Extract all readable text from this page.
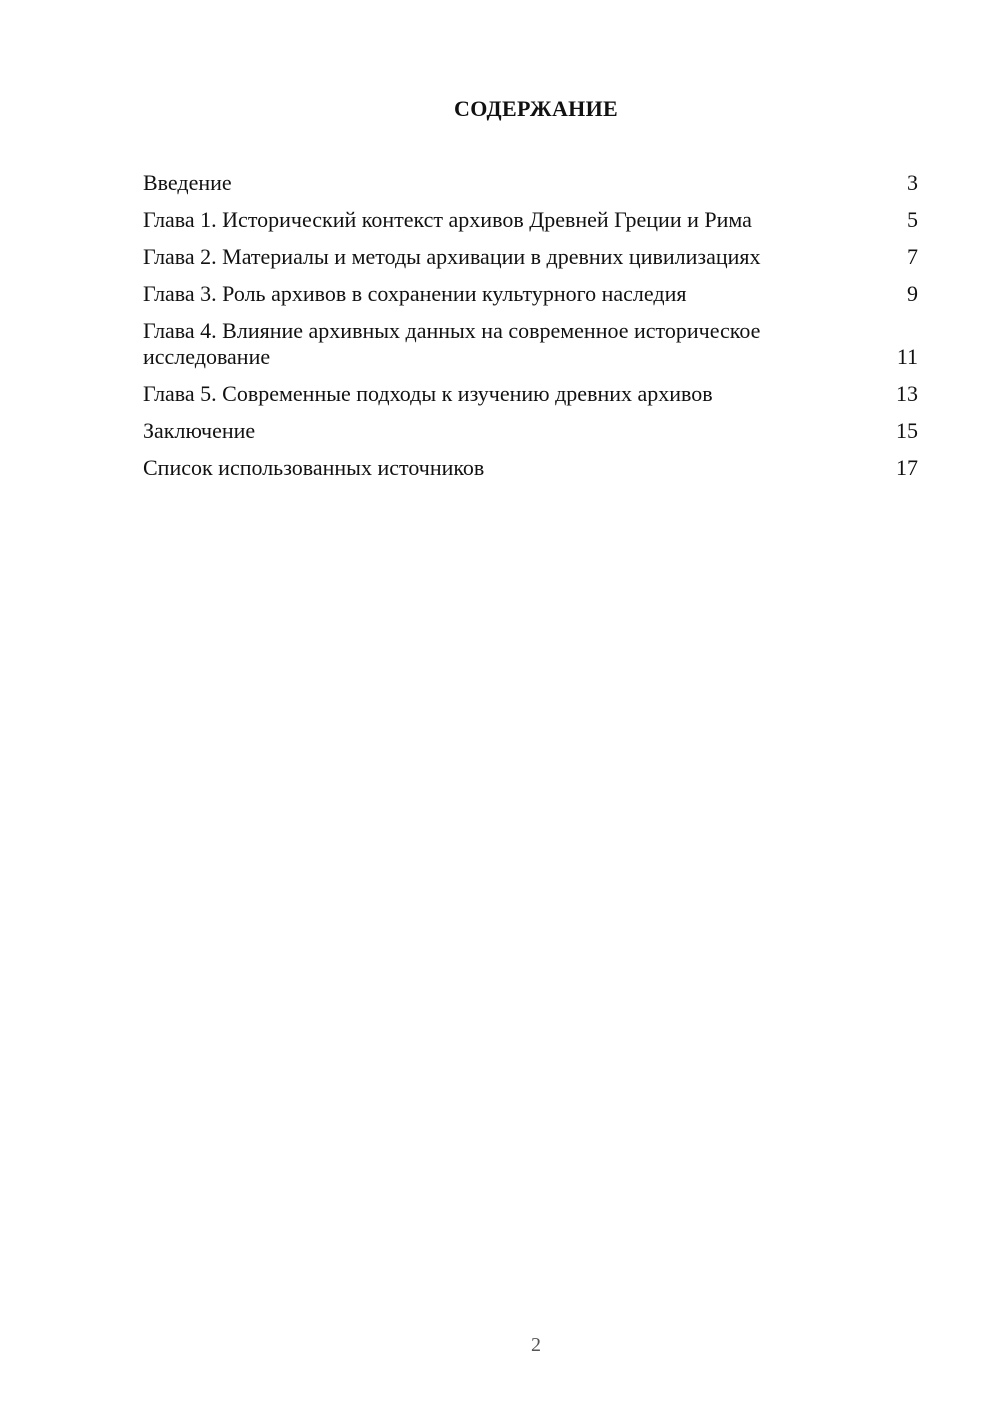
СОДЕРЖАНИЕ
Введение	3
Глава 1. Исторический контекст архивов Древней Греции и Рима	5
Глава 2. Материалы и методы архивации в древних цивилизациях	7
Глава 3. Роль архивов в сохранении культурного наследия	9
Глава 4. Влияние архивных данных на современное историческое исследование	11
Глава 5. Современные подходы к изучению древних архивов	13
Заключение	15
Список использованных источников	17
2
